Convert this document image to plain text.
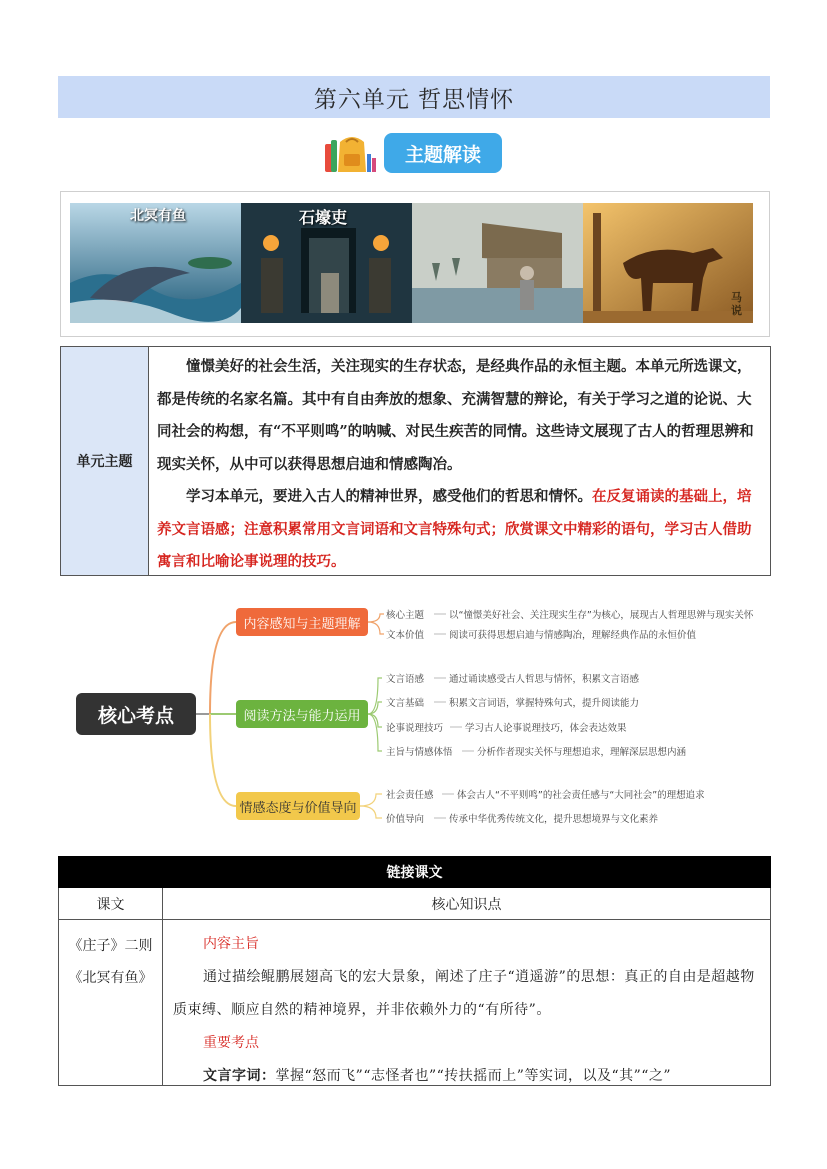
第六单元 哲思情怀
主题解读
北冥有鱼	石壕吏
马说
单元主题

憧憬美好的社会生活，关注现实的生存状态，是经典作品的永恒主题。本单元所选课文，都是传统的名家名篇。其中有自由奔放的想象、充满智慧的辩论，有关于学习之道的论说、大同社会的构想，有“不平则鸣”的呐喊、对民生疾苦的同情。这些诗文展现了古人的哲理思辨和现实关怀，从中可以获得思想启迪和情感陶冶。

学习本单元，要进入古人的精神世界，感受他们的哲思和情怀。在反复诵读的基础上，培养文言语感；注意积累常用文言词语和文言特殊句式；欣赏课文中精彩的语句，学习古人借助寓言和比喻论事说理的技巧。

核心考点
内容感知与主题理解
阅读方法与能力运用
情感态度与价值导向
核心主题	以“憧憬美好社会、关注现实生存”为核心，展现古人哲理思辨与现实关怀
文本价值	阅读可获得思想启迪与情感陶冶，理解经典作品的永恒价值
文言语感	通过诵读感受古人哲思与情怀，积累文言语感
文言基础	积累文言词语，掌握特殊句式，提升阅读能力
论事说理技巧 学习古人论事说理技巧，体会表达效果
主旨与情感体悟	分析作者现实关怀与理想追求，理解深层思想内涵
社会责任感 体会古人“不平则鸣”的社会责任感与“大同社会”的理想追求
价值导向	传承中华优秀传统文化，提升思想境界与文化素养
链接课文
课文	核心知识点
《庄子》二则
《北冥有鱼》
内容主旨
通过描绘鲲鹏展翅高飞的宏大景象，阐述了庄子“逍遥游”的思想：真正的自由是超越物质束缚、顺应自然的精神境界，并非依赖外力的“有所待”。
重要考点
文言字词：掌握“怒而飞”“志怪者也”“抟扶摇而上”等实词，以及“其”“之”
